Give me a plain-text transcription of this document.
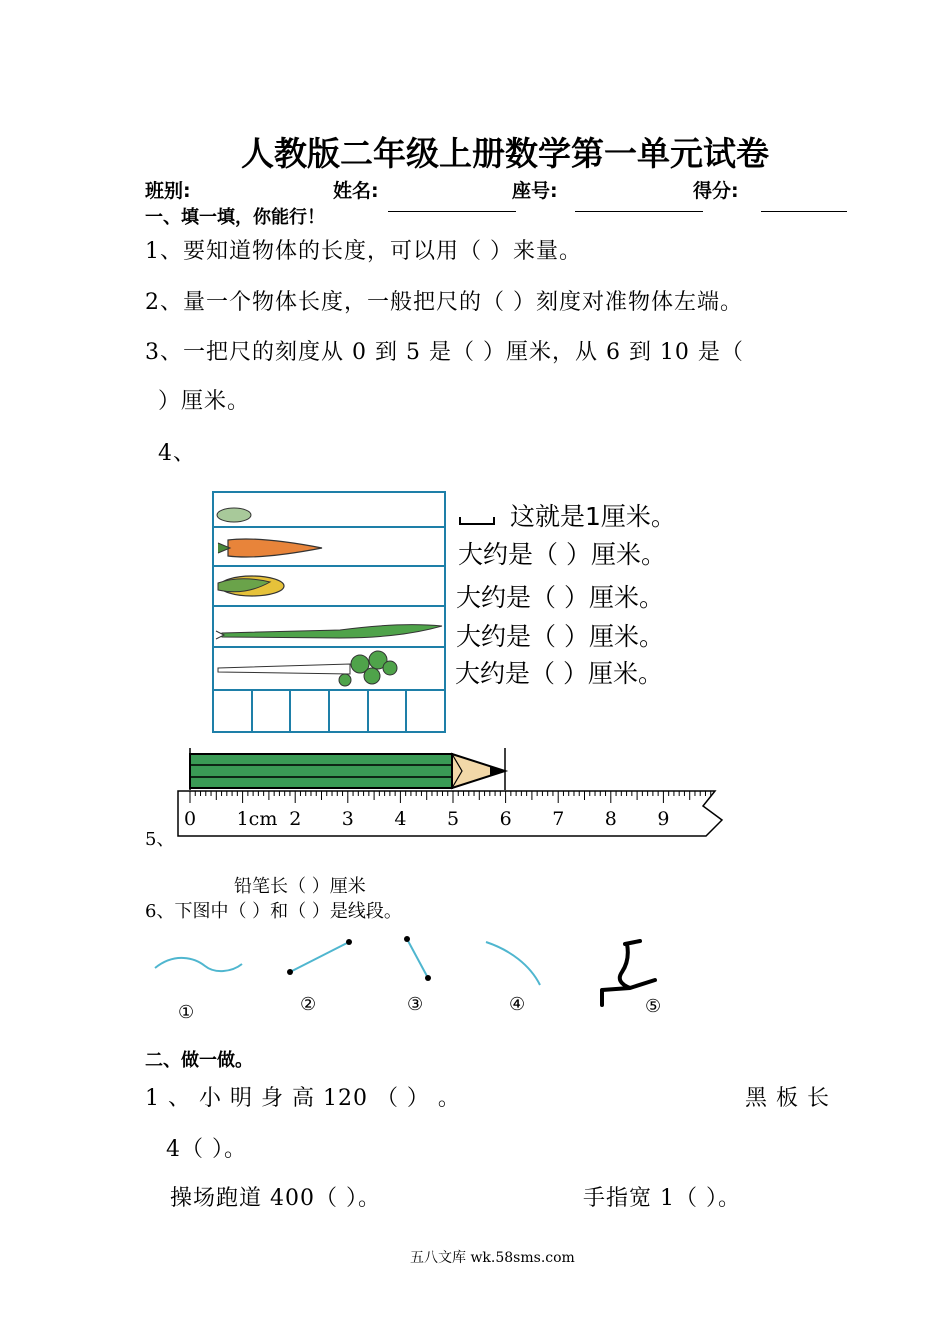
人教版二年级上册数学第一单元试卷
班别:	姓名:	座号:	得分:
一、填一填，你能行！
1、要知道物体的长度，可以用（ ）来量。
2、量一个物体长度，一般把尺的（ ）刻度对准物体左端。
3、一把尺的刻度从 0 到 5 是（ ）厘米，从 6 到 10 是（
）厘米。
4、
这就是1厘米。
大约是（ ）厘米。
大约是（ ）厘米。
大约是（ ）厘米。
大约是（ ）厘米。
0 1cm 2 3 4 5 6 7 8 9
5、
铅笔长（ ）厘米
6、下图中（ ）和（ ）是线段。
①	②	③	④	⑤
二、做一做。
1 、 小 明 身 高 120 （ ） 。	黑 板 长
4（ ）。
操场跑道 400（ ）。	手指宽 1（ ）。
五八文库 wk.58sms.com
